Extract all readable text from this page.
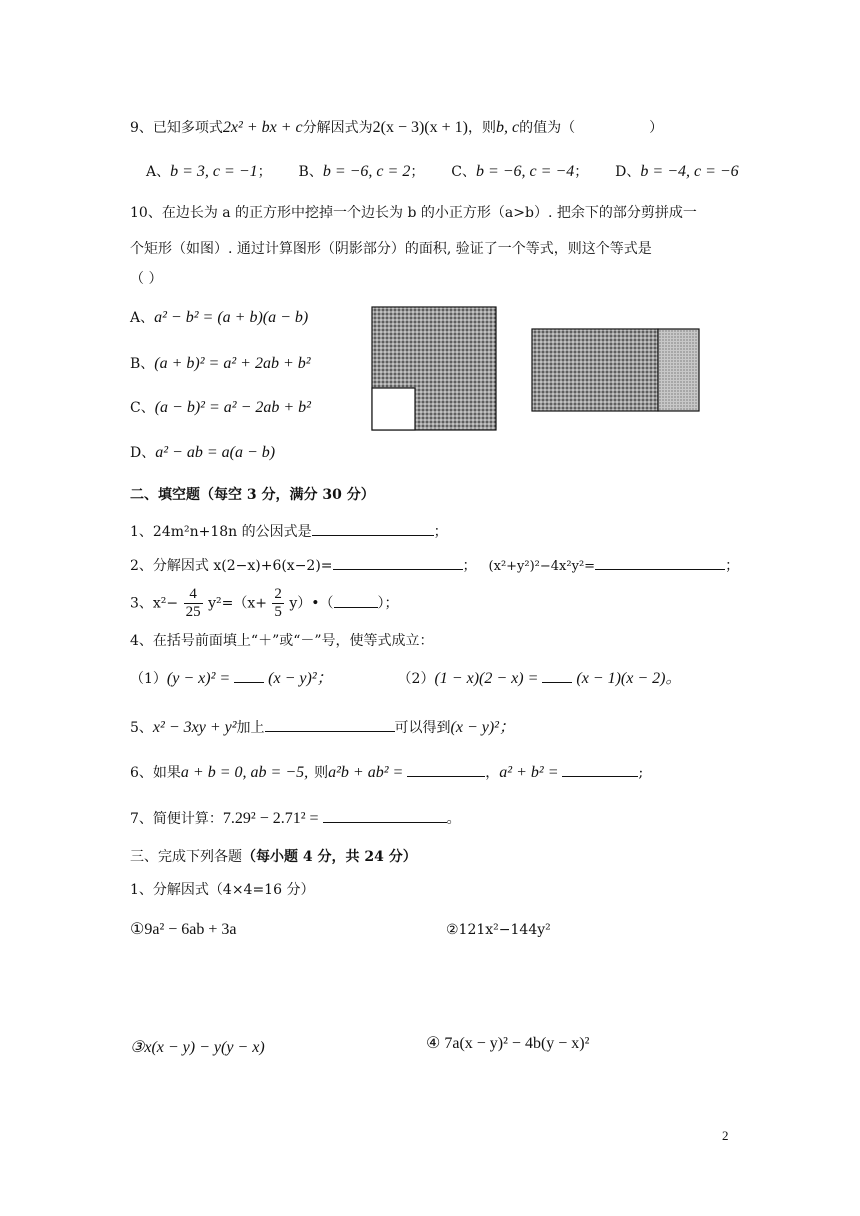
9、已知多项式2x² + bx + c分解因式为2(x − 3)(x + 1)，则b, c的值为（	）
A、b = 3, c = −1； B、b = −6, c = 2； C、b = −6, c = −4； D、b = −4, c = −6
10、在边长为 a 的正方形中挖掉一个边长为 b 的小正方形（a>b）. 把余下的部分剪拼成一
个矩形（如图）. 通过计算图形（阴影部分）的面积, 验证了一个等式，则这个等式是
（ ）
A、a² − b² = (a + b)(a − b)
B、(a + b)² = a² + 2ab + b²
C、(a − b)² = a² − 2ab + b²
D、a² − ab = a(a − b)
二、填空题（每空 3 分，满分 30 分）
1、24m²n+18n 的公因式是	；
2、分解因式 x(2−x)+6(x−2)=	； (x²+y²)²−4x²y²=	；
3、$x^2- \frac{4}{25} y^2=(x+ \frac{2}{5}$ y）•（	）；
4、在括号前面填上“＋”或“－”号，使等式成立：
（1）(y − x)² = (x − y)²；	（2）(1 − x)(2 − x) = (x − 1)(x − 2)。
5、x² − 3xy + y²加上	可以得到(x − y)²；
6、如果a + b = 0, ab = −5, 则a²b + ab² =	，a² + b² =	;
7、简便计算：7.29² − 2.71² =	。
三、完成下列各题（每小题 4 分，共 24 分）
1、分解因式（4×4=16 分）
①9a² − 6ab + 3a	②121x²−144y²
③x(x − y) − y(y − x)	④ 7a(x − y)² − 4b(y − x)²
2
